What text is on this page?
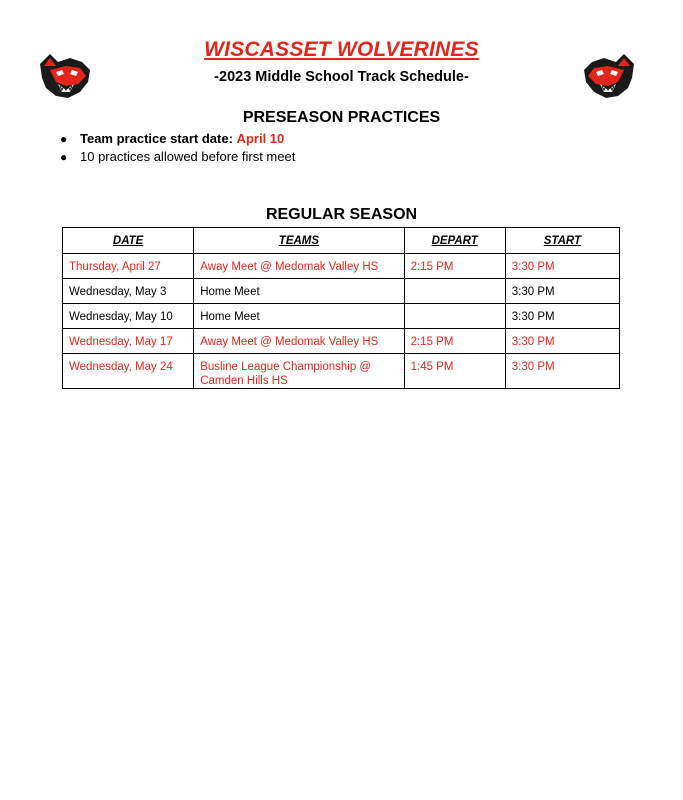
WISCASSET WOLVERINES
-2023 Middle School Track Schedule-
PRESEASON PRACTICES
● Team practice start date: April 10
● 10 practices allowed before first meet
REGULAR SEASON
DATE	TEAMS	DEPART	START
Thursday, April 27	Away Meet @ Medomak Valley HS	2:15 PM	3:30 PM
Wednesday, May 3	Home Meet		3:30 PM
Wednesday, May 10	Home Meet		3:30 PM
Wednesday, May 17	Away Meet @ Medomak Valley HS	2:15 PM	3:30 PM
Wednesday, May 24	Busline League Championship @ Camden Hills HS	1:45 PM	3:30 PM
